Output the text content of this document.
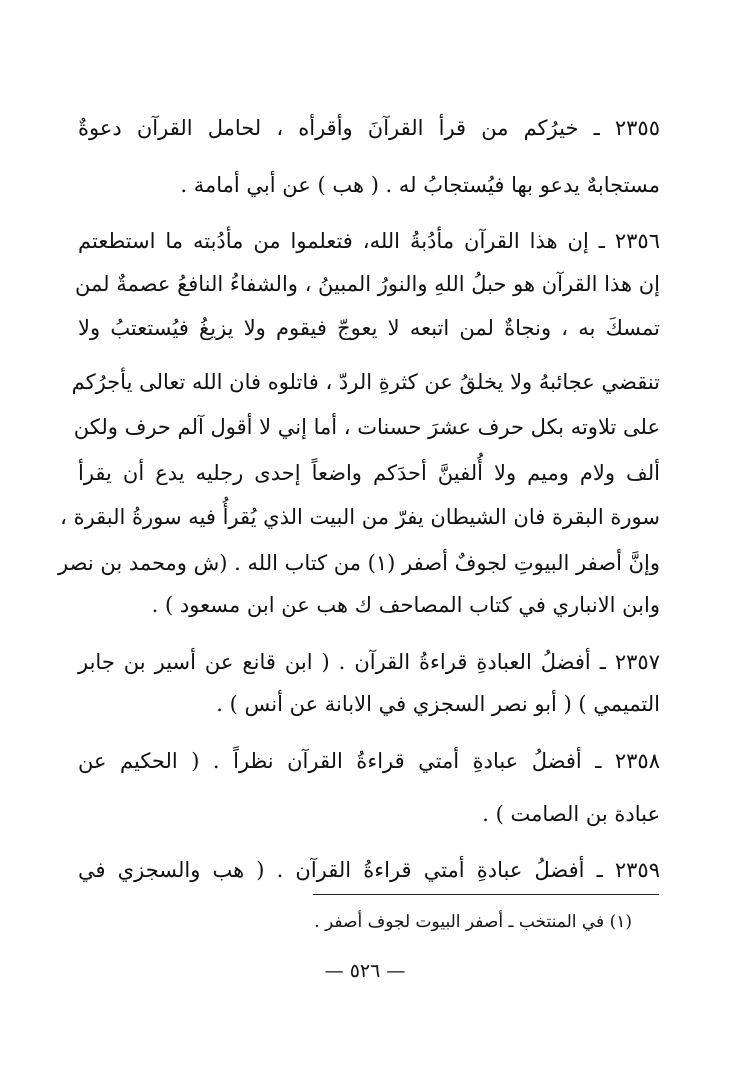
٢٣٥٥ ـ خيرُكم من قرأ القرآنَ وأقرأه ، لحامل القرآن دعوةٌ
مستجابهٌ يدعو بها فيُستجابُ له . ( هب ) عن أبي أمامة .
٢٣٥٦ ـ إن هذا القرآن مأدُبةُ الله، فتعلموا من مأدُبته ما استطعتم
إن هذا القرآن هو حبلُ اللهِ والنورُ المبينُ ، والشفاءُ النافعُ عصمةٌ لمن
تمسكَ به ، ونجاةٌ لمن اتبعه لا يعوجّ فيقوم ولا يزيغُ فيُستعتبُ ولا
تنقضي عجائبهُ ولا يخلقُ عن كثرةِ الردّ ، فاتلوه فان الله تعالى يأجرُكم
على تلاوته بكل حرف عشرَ حسنات ، أما إني لا أقول آلم حرف ولكن
ألف ولام وميم ولا أُلفينَّ أحدَكم واضعاً إحدى رجليه يدع أن يقرأ
سورة البقرة فان الشيطان يفرّ من البيت الذي يُقرأُ فيه سورةُ البقرة ،
وإنَّ أصفر البيوتِ لجوفٌ أصفر (١) من كتاب الله . (ش ومحمد بن نصر
وابن الانباري في كتاب المصاحف ك هب عن ابن مسعود ) .
٢٣٥٧ ـ أفضلُ العبادةِ قراءةُ القرآن . ( ابن قانع عن أسير بن جابر
التميمي ) ( أبو نصر السجزي في الابانة عن أنس ) .
٢٣٥٨ ـ أفضلُ عبادةِ أمتي قراءةُ القرآن نظراً . ( الحكيم عن
عبادة بن الصامت ) .
٢٣٥٩ ـ أفضلُ عبادةِ أمتي قراءةُ القرآن . ( هب والسجزي في
(١) في المنتخب ـ أصفر البيوت لجوف أصفر .
— ٥٢٦ —
